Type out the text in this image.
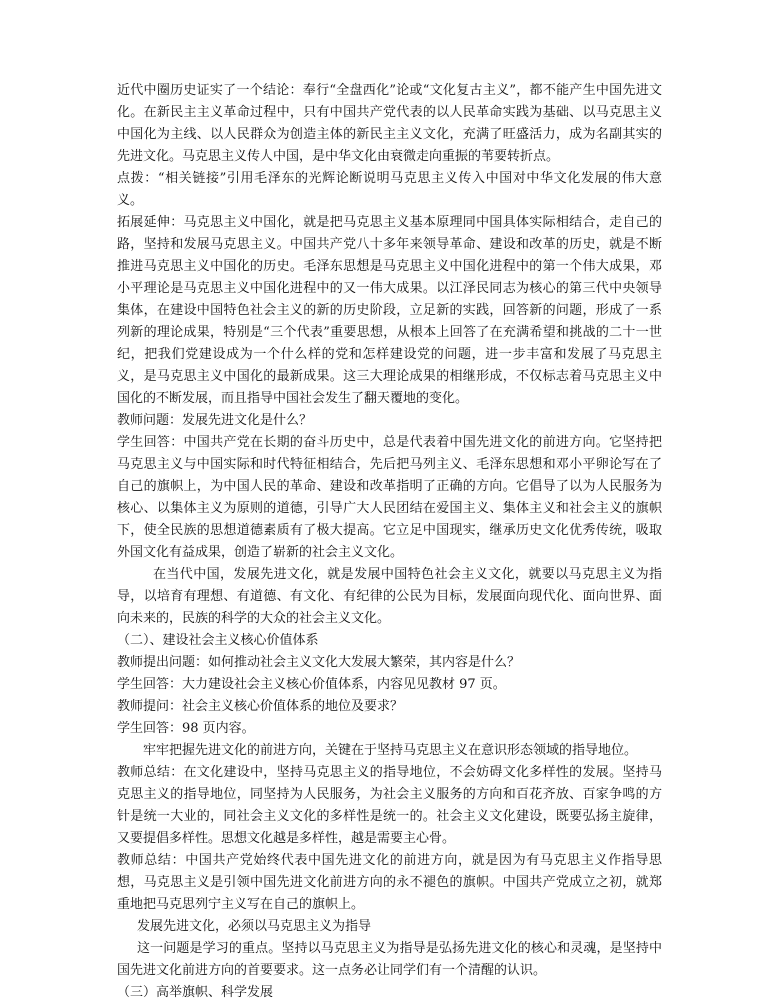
近代中圈历史证实了一个结论：奉行“全盘西化”论或“文化复古主义”，都不能产生中国先进文化。在新民主主义革命过程中，只有中国共产党代表的以人民革命实践为基础、以马克思主义中国化为主线、以人民群众为创造主体的新民主主义文化，充满了旺盛活力，成为名副其实的先进文化。马克思主义传人中国，是中华文化由衰微走向重振的苇要转折点。

点拨：“相关链接”引用毛泽东的光辉论断说明马克思主义传入中国对中华文化发展的伟大意义。

拓展延伸：马克思主义中国化，就是把马克思主义基本原理同中国具体实际相结合，走自己的路，坚持和发展马克思主义。中国共产党八十多年来领导革命、建设和改革的历史，就是不断推进马克思主义中国化的历史。毛泽东思想是马克思主义中国化进程中的第一个伟大成果，邓小平理论是马克思主义中国化进程中的又一伟大成果。以江泽民同志为核心的第三代中央领导集体，在建设中国特色社会主义的新的历史阶段，立足新的实践，回答新的问题，形成了一系列新的理论成果，特别是“三个代表”重要思想，从根本上回答了在充满希望和挑战的二十一世纪，把我们党建设成为一个什么样的党和怎样建设党的问题，进一步丰富和发展了马克思主义，是马克思主义中国化的最新成果。这三大理论成果的相继形成，不仅标志着马克思主义中国化的不断发展，而且指导中国社会发生了翻天覆地的变化。

教师问题：发展先进文化是什么？

学生回答：中国共产党在长期的奋斗历史中，总是代表着中国先进文化的前进方向。它坚持把马克思主义与中国实际和时代特征相结合，先后把马列主义、毛泽东思想和邓小平卵论写在了自己的旗帜上，为中国人民的革命、建设和改革指明了正确的方向。它倡导了以为人民服务为核心、以集体主义为原则的道德，引导广大人民团结在爱国主义、集体主义和社会主义的旗帜下，使全民族的思想道德素质有了极大提高。它立足中国现实，继承历史文化优秀传统，吸取外国文化有益成果，创造了崭新的社会主义文化。

在当代中国，发展先进文化，就是发展中国特色社会主义文化，就要以马克思主义为指导，以培育有理想、有道德、有文化、有纪律的公民为目标，发展面向现代化、面向世界、面向未来的，民族的科学的大众的社会主义文化。

（二）、建设社会主义核心价值体系

教师提出问题：如何推动社会主义文化大发展大繁荣，其内容是什么？

学生回答：大力建设社会主义核心价值体系，内容见见教材 97 页。

教师提问：社会主义核心价值体系的地位及要求？

学生回答：98 页内容。

牢牢把握先进文化的前进方向，关键在于坚持马克思主义在意识形态领域的指导地位。

教师总结：在文化建设中，坚持马克思主义的指导地位，不会妨碍文化多样性的发展。坚持马克思主义的指导地位，同坚持为人民服务，为社会主义服务的方向和百花齐放、百家争鸣的方针是统一大业的，同社会主义文化的多样性是统一的。社会主义文化建设，既要弘扬主旋律，又要提倡多样性。思想文化越是多样性，越是需要主心骨。

教师总结：中国共产党始终代表中国先进文化的前进方向，就是因为有马克思主义作指导思想，马克思主义是引领中国先进文化前进方向的永不褪色的旗帜。中国共产党成立之初，就郑重地把马克思列宁主义写在自己的旗帜上。

发展先进文化，必须以马克思主义为指导

这一问题是学习的重点。坚持以马克思主义为指导是弘扬先进文化的核心和灵魂，是坚持中国先进文化前进方向的首要要求。这一点务必让同学们有一个清醒的认识。

（三）高举旗帜、科学发展
